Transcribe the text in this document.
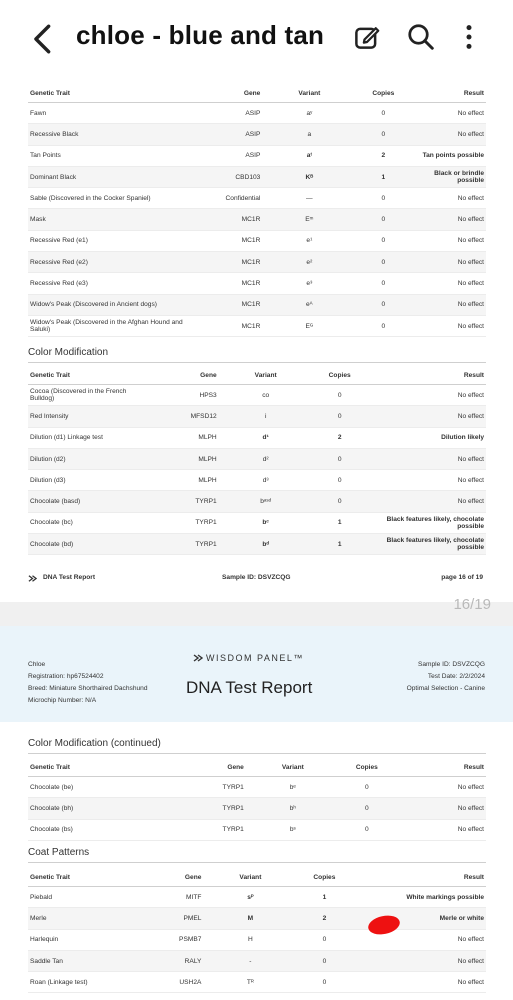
chloe - blue and tan
Genetic Trait	Gene	Variant	Copies	Result
Fawn	ASIP	aʸ	0	No effect
Recessive Black	ASIP	a	0	No effect
Tan Points	ASIP	aᵗ	2	Tan points possible
Dominant Black	CBD103	Kᴮ	1	Black or brindle possible
Sable (Discovered in the Cocker Spaniel)	Confidential	—	0	No effect
Mask	MC1R	Eᵐ	0	No effect
Recessive Red (e1)	MC1R	e¹	0	No effect
Recessive Red (e2)	MC1R	e²	0	No effect
Recessive Red (e3)	MC1R	e³	0	No effect
Widow's Peak (Discovered in Ancient dogs)	MC1R	eᴬ	0	No effect
Widow's Peak (Discovered in the Afghan Hound and Saluki)	MC1R	Eᴳ	0	No effect
Color Modification
Genetic Trait	Gene	Variant	Copies	Result
Cocoa (Discovered in the French Bulldog)	HPS3	co	0	No effect
Red Intensity	MFSD12	i	0	No effect
Dilution (d1) Linkage test	MLPH	d¹	2	Dilution likely
Dilution (d2)	MLPH	d²	0	No effect
Dilution (d3)	MLPH	d³	0	No effect
Chocolate (basd)	TYRP1	bᵃˢᵈ	0	No effect
Chocolate (bc)	TYRP1	bᶜ	1	Black features likely, chocolate possible
Chocolate (bd)	TYRP1	bᵈ	1	Black features likely, chocolate possible
DNA Test Report	Sample ID: DSVZCQG	page 16 of 19
16/19
Chloe
Registration: hp67524402
Breed: Miniature Shorthaired Dachshund
Microchip Number: N/A
WISDOM PANEL™
DNA Test Report
Sample ID: DSVZCQG
Test Date: 2/2/2024
Optimal Selection - Canine
Color Modification (continued)
Genetic Trait	Gene	Variant	Copies	Result
Chocolate (be)	TYRP1	bᵉ	0	No effect
Chocolate (bh)	TYRP1	bʰ	0	No effect
Chocolate (bs)	TYRP1	bˢ	0	No effect
Coat Patterns
Genetic Trait	Gene	Variant	Copies	Result
Piebald	MITF	sᴾ	1	White markings possible
Merle	PMEL	M	2	Merle or white
Harlequin	PSMB7	H	0	No effect
Saddle Tan	RALY	-	0	No effect
Roan (Linkage test)	USH2A	Tᴿ	0	No effect
